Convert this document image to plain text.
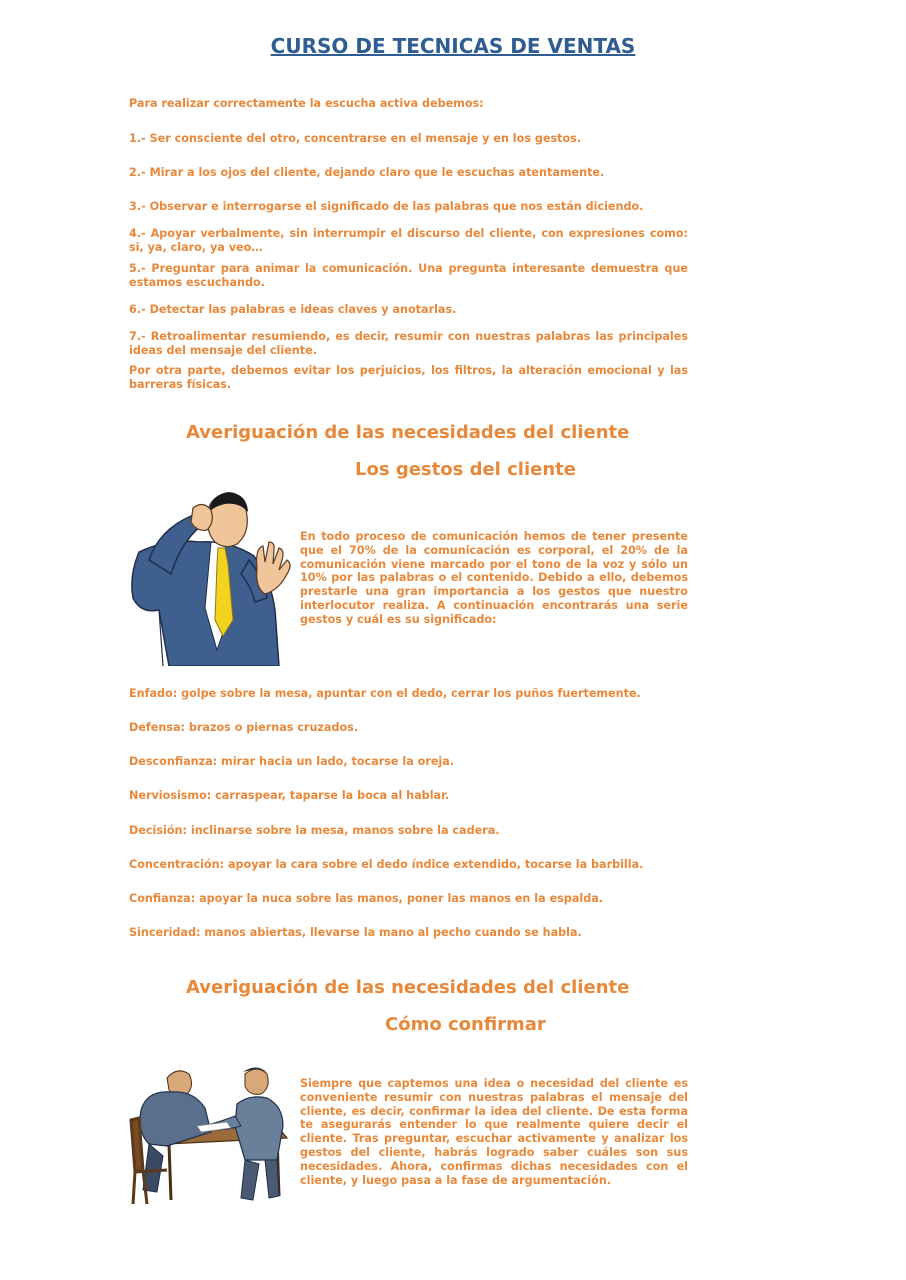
CURSO DE TECNICAS DE VENTAS

Para realizar correctamente la escucha activa debemos:

1.- Ser consciente del otro, concentrarse en el mensaje y en los gestos.

2.- Mirar a los ojos del cliente, dejando claro que le escuchas atentamente.

3.- Observar e interrogarse el significado de las palabras que nos están diciendo.

4.- Apoyar verbalmente, sin interrumpir el discurso del cliente, con expresiones como: si, ya, claro, ya veo…

5.- Preguntar para animar la comunicación. Una pregunta interesante demuestra que estamos escuchando.

6.- Detectar las palabras e ideas claves y anotarlas.

7.- Retroalimentar resumiendo, es decir, resumir con nuestras palabras las principales ideas del mensaje del cliente.

Por otra parte, debemos evitar los perjuicios, los filtros, la alteración emocional y las barreras físicas.

Averiguación de las necesidades del cliente
Los gestos del cliente

En todo proceso de comunicación hemos de tener presente que el 70% de la comunicación es corporal, el 20% de la comunicación viene marcado por el tono de la voz y sólo un 10% por las palabras o el contenido. Debido a ello, debemos prestarle una gran importancia a los gestos que nuestro interlocutor realiza. A continuación encontrarás una serie gestos y cuál es su significado:

Enfado: golpe sobre la mesa, apuntar con el dedo, cerrar los puños fuertemente.

Defensa: brazos o piernas cruzados.

Desconfianza: mirar hacia un lado, tocarse la oreja.

Nerviosismo: carraspear, taparse la boca al hablar.

Decisión: inclinarse sobre la mesa, manos sobre la cadera.

Concentración: apoyar la cara sobre el dedo índice extendido, tocarse la barbilla.

Confianza: apoyar la nuca sobre las manos, poner las manos en la espalda.

Sinceridad: manos abiertas, llevarse la mano al pecho cuando se habla.

Averiguación de las necesidades del cliente
Cómo confirmar

Siempre que captemos una idea o necesidad del cliente es conveniente resumir con nuestras palabras el mensaje del cliente, es decir, confirmar la idea del cliente. De esta forma te asegurarás entender lo que realmente quiere decir el cliente. Tras preguntar, escuchar activamente y analizar los gestos del cliente, habrás logrado saber cuáles son sus necesidades. Ahora, confirmas dichas necesidades con el cliente, y luego pasa a la fase de argumentación.
